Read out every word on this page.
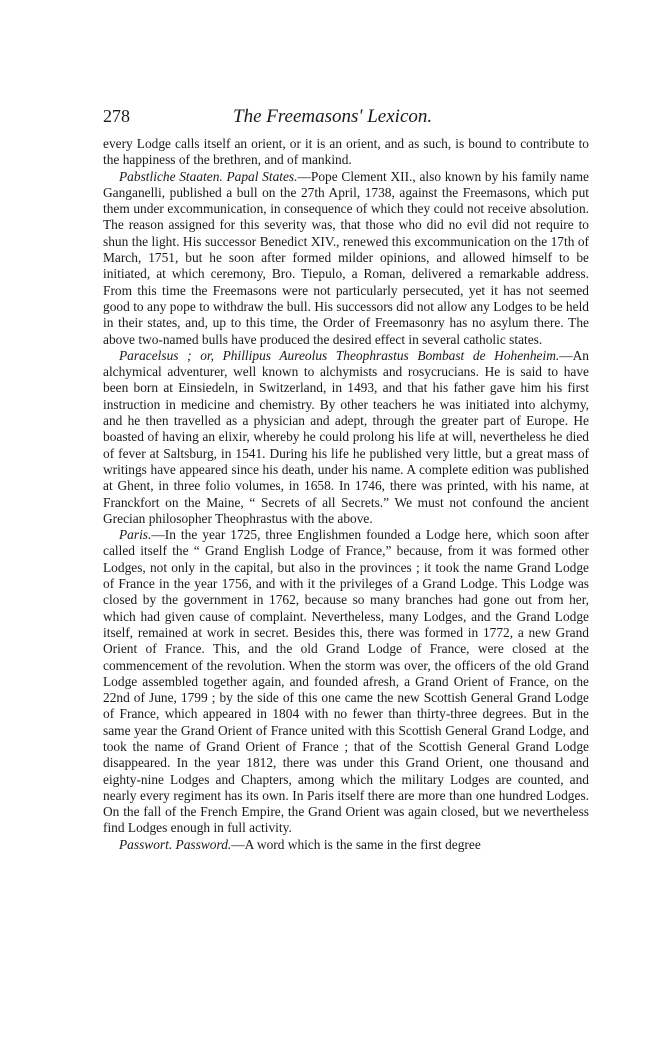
278	The Freemasons' Lexicon.

every Lodge calls itself an orient, or it is an orient, and as such, is bound to contribute to the happiness of the brethren, and of mankind.

Pabstliche Staaten. Papal States.—Pope Clement XII., also known by his family name Ganganelli, published a bull on the 27th April, 1738, against the Freemasons, which put them under excommunication, in consequence of which they could not receive absolution. The reason assigned for this severity was, that those who did no evil did not require to shun the light. His successor Benedict XIV., renewed this excommunication on the 17th of March, 1751, but he soon after formed milder opinions, and allowed himself to be initiated, at which ceremony, Bro. Tiepulo, a Roman, delivered a remarkable address. From this time the Freemasons were not particularly persecuted, yet it has not seemed good to any pope to withdraw the bull. His successors did not allow any Lodges to be held in their states, and, up to this time, the Order of Freemasonry has no asylum there. The above two-named bulls have produced the desired effect in several catholic states.

Paracelsus ; or, Phillipus Aureolus Theophrastus Bombast de Hohenheim.—An alchymical adventurer, well known to alchymists and rosycrucians. He is said to have been born at Einsiedeln, in Switzerland, in 1493, and that his father gave him his first instruction in medicine and chemistry. By other teachers he was initiated into alchymy, and he then travelled as a physician and adept, through the greater part of Europe. He boasted of having an elixir, whereby he could prolong his life at will, nevertheless he died of fever at Saltsburg, in 1541. During his life he published very little, but a great mass of writings have appeared since his death, under his name. A complete edition was published at Ghent, in three folio volumes, in 1658. In 1746, there was printed, with his name, at Franckfort on the Maine, “ Secrets of all Secrets.” We must not confound the ancient Grecian philosopher Theophrastus with the above.

Paris.—In the year 1725, three Englishmen founded a Lodge here, which soon after called itself the “ Grand English Lodge of France,” because, from it was formed other Lodges, not only in the capital, but also in the provinces ; it took the name Grand Lodge of France in the year 1756, and with it the privileges of a Grand Lodge. This Lodge was closed by the government in 1762, because so many branches had gone out from her, which had given cause of complaint. Nevertheless, many Lodges, and the Grand Lodge itself, remained at work in secret. Besides this, there was formed in 1772, a new Grand Orient of France. This, and the old Grand Lodge of France, were closed at the commencement of the revolution. When the storm was over, the officers of the old Grand Lodge assembled together again, and founded afresh, a Grand Orient of France, on the 22nd of June, 1799 ; by the side of this one came the new Scottish General Grand Lodge of France, which appeared in 1804 with no fewer than thirty-three degrees. But in the same year the Grand Orient of France united with this Scottish General Grand Lodge, and took the name of Grand Orient of France ; that of the Scottish General Grand Lodge disappeared. In the year 1812, there was under this Grand Orient, one thousand and eighty-nine Lodges and Chapters, among which the military Lodges are counted, and nearly every regiment has its own. In Paris itself there are more than one hundred Lodges. On the fall of the French Empire, the Grand Orient was again closed, but we nevertheless find Lodges enough in full activity.

Passwort. Password.—A word which is the same in the first degree
